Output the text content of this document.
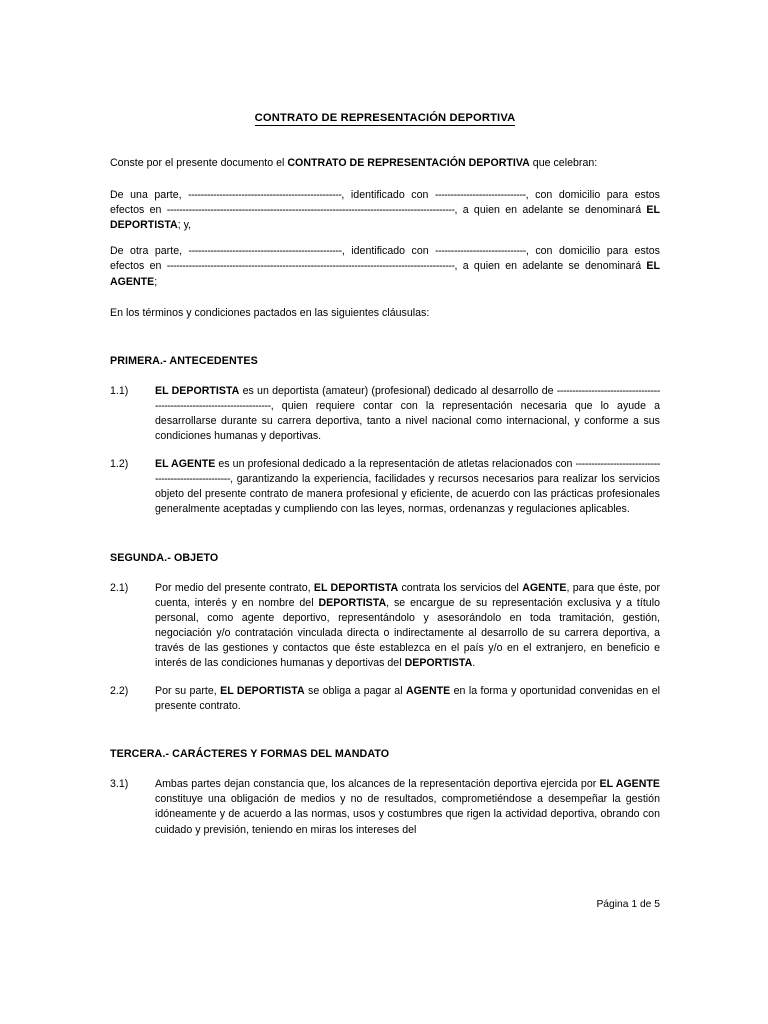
CONTRATO DE REPRESENTACIÓN DEPORTIVA

Conste por el presente documento el CONTRATO DE REPRESENTACIÓN DEPORTIVA que celebran:

De una parte, -------------------------------------------------, identificado con -----------------------------, con domicilio para estos efectos en --------------------------------------------------------------------------------------------, a quien en adelante se denominará EL DEPORTISTA; y,

De otra parte, -------------------------------------------------, identificado con -----------------------------, con domicilio para estos efectos en --------------------------------------------------------------------------------------------, a quien en adelante se denominará EL AGENTE;

En los términos y condiciones pactados en las siguientes cláusulas:

PRIMERA.- ANTECEDENTES
1.1)	EL DEPORTISTA es un deportista (amateur) (profesional) dedicado al desarrollo de ----------------------------------------------------------------------, quien requiere contar con la representación necesaria que lo ayude a desarrollarse durante su carrera deportiva, tanto a nivel nacional como internacional, y conforme a sus condiciones humanas y deportivas.
1.2)	EL AGENTE es un profesional dedicado a la representación de atletas relacionados con ---------------------------------------------------, garantizando la experiencia, facilidades y recursos necesarios para realizar los servicios objeto del presente contrato de manera profesional y eficiente, de acuerdo con las prácticas profesionales generalmente aceptadas y cumpliendo con las leyes, normas, ordenanzas y regulaciones aplicables.
SEGUNDA.- OBJETO
2.1)	Por medio del presente contrato, EL DEPORTISTA contrata los servicios del AGENTE, para que éste, por cuenta, interés y en nombre del DEPORTISTA, se encargue de su representación exclusiva y a título personal, como agente deportivo, representándolo y asesorándolo en toda tramitación, gestión, negociación y/o contratación vinculada directa o indirectamente al desarrollo de su carrera deportiva, a través de las gestiones y contactos que éste establezca en el país y/o en el extranjero, en beneficio e interés de las condiciones humanas y deportivas del DEPORTISTA.
2.2)	Por su parte, EL DEPORTISTA se obliga a pagar al AGENTE en la forma y oportunidad convenidas en el presente contrato.
TERCERA.- CARÁCTERES Y FORMAS DEL MANDATO
3.1)	Ambas partes dejan constancia que, los alcances de la representación deportiva ejercida por EL AGENTE constituye una obligación de medios y no de resultados, comprometiéndose a desempeñar la gestión idóneamente y de acuerdo a las normas, usos y costumbres que rigen la actividad deportiva, obrando con cuidado y previsión, teniendo en miras los intereses del
Página 1 de 5
